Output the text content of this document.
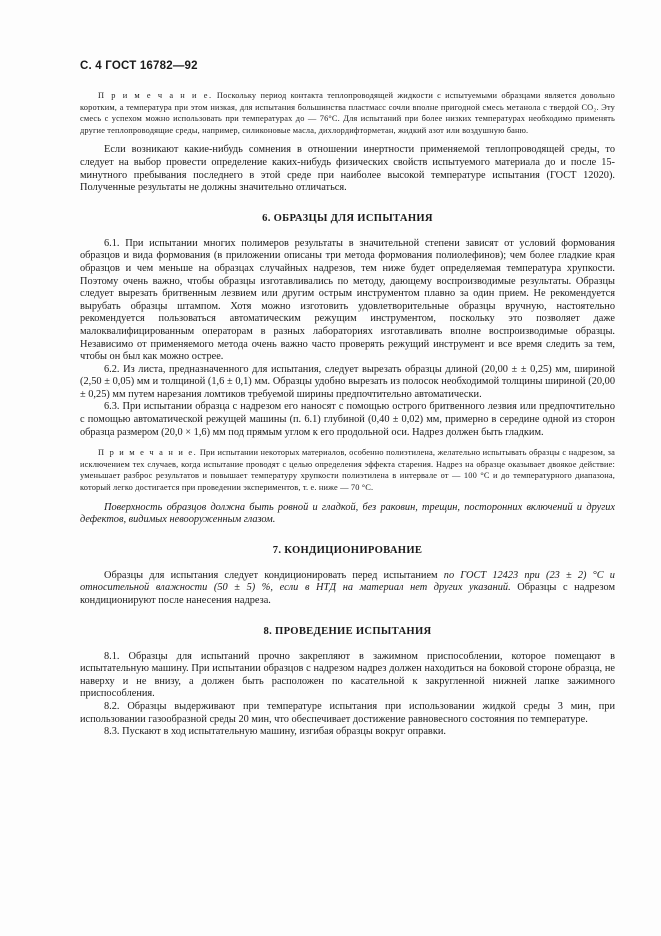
С. 4 ГОСТ 16782—92

П р и м е ч а н и е. Поскольку период контакта теплопроводящей жидкости с испытуемыми образцами является довольно коротким, а температура при этом низкая, для испытания большинства пластмасс сочли вполне пригодной смесь метанола с твердой CO₂. Эту смесь с успехом можно использовать при температурах до — 76°C. Для испытаний при более низких температурах необходимо применять другие теплопроводящие среды, например, силиконовые масла, дихлордифторметан, жидкий азот или воздушную баню.

Если возникают какие-нибудь сомнения в отношении инертности применяемой теплопроводящей среды, то следует на выбор провести определение каких-нибудь физических свойств испытуемого материала до и после 15-минутного пребывания последнего в этой среде при наиболее высокой температуре испытания (ГОСТ 12020). Полученные результаты не должны значительно отличаться.

6. ОБРАЗЦЫ ДЛЯ ИСПЫТАНИЯ

6.1. При испытании многих полимеров результаты в значительной степени зависят от условий формования образцов и вида формования (в приложении описаны три метода формования полиолефинов); чем более гладкие края образцов и чем меньше на образцах случайных надрезов, тем ниже будет определяемая температура хрупкости. Поэтому очень важно, чтобы образцы изготавливались по методу, дающему воспроизводимые результаты. Образцы следует вырезать бритвенным лезвием или другим острым инструментом плавно за один прием. Не рекомендуется вырубать образцы штампом. Хотя можно изготовить удовлетворительные образцы вручную, настоятельно рекомендуется пользоваться автоматическим режущим инструментом, поскольку это позволяет даже малоквалифицированным операторам в разных лабораториях изготавливать вполне воспроизводимые образцы. Независимо от применяемого метода очень важно часто проверять режущий инструмент и все время следить за тем, чтобы он был как можно острее.

6.2. Из листа, предназначенного для испытания, следует вырезать образцы длиной (20,00 ± ± 0,25) мм, шириной (2,50 ± 0,05) мм и толщиной (1,6 ± 0,1) мм. Образцы удобно вырезать из полосок необходимой толщины шириной (20,00 ± 0,25) мм путем нарезания ломтиков требуемой ширины предпочтительно автоматически.

6.3. При испытании образца с надрезом его наносят с помощью острого бритвенного лезвия или предпочтительно с помощью автоматической режущей машины (п. 6.1) глубиной (0,40 ± 0,02) мм, примерно в середине одной из сторон образца размером (20,0 × 1,6) мм под прямым углом к его продольной оси. Надрез должен быть гладким.

П р и м е ч а н и е. При испытании некоторых материалов, особенно полиэтилена, желательно испытывать образцы с надрезом, за исключением тех случаев, когда испытание проводят с целью определения эффекта старения. Надрез на образце оказывает двоякое действие: уменьшает разброс результатов и повышает температуру хрупкости полиэтилена в интервале от — 100 °C и до температурного диапазона, который легко достигается при проведении экспериментов, т. е. ниже — 70 °C.

Поверхность образцов должна быть ровной и гладкой, без раковин, трещин, посторонних включений и других дефектов, видимых невооруженным глазом.

7. КОНДИЦИОНИРОВАНИЕ

Образцы для испытания следует кондиционировать перед испытанием по ГОСТ 12423 при (23 ± 2) °C и относительной влажности (50 ± 5) %, если в НТД на материал нет других указаний. Образцы с надрезом кондиционируют после нанесения надреза.

8. ПРОВЕДЕНИЕ ИСПЫТАНИЯ

8.1. Образцы для испытаний прочно закрепляют в зажимном приспособлении, которое помещают в испытательную машину. При испытании образцов с надрезом надрез должен находиться на боковой стороне образца, не наверху и не внизу, а должен быть расположен по касательной к закругленной нижней лапке зажимного приспособления.

8.2. Образцы выдерживают при температуре испытания при использовании жидкой среды 3 мин, при использовании газообразной среды 20 мин, что обеспечивает достижение равновесного состояния по температуре.

8.3. Пускают в ход испытательную машину, изгибая образцы вокруг оправки.
